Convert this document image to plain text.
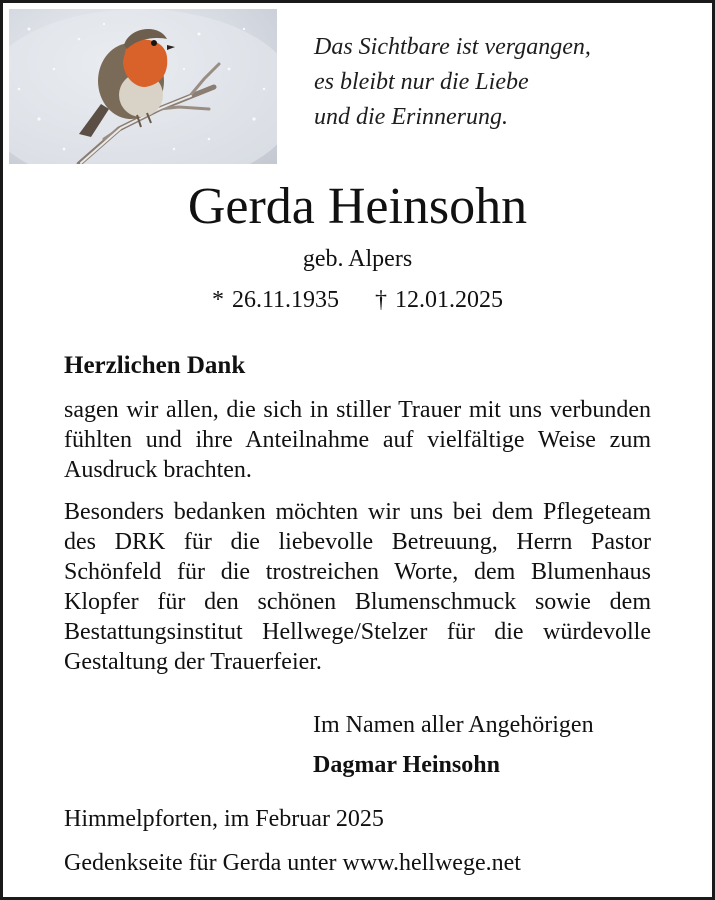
Das Sichtbare ist vergangen,
es bleibt nur die Liebe
und die Erinnerung.
Gerda Heinsohn
geb. Alpers
* 26.11.1935 † 12.01.2025
Herzlichen Dank
sagen wir allen, die sich in stiller Trauer mit uns verbunden fühlten und ihre Anteilnahme auf vielfältige Weise zum Ausdruck brachten.
Besonders bedanken möchten wir uns bei dem Pflegeteam des DRK für die liebevolle Betreuung, Herrn Pastor Schönfeld für die trostreichen Worte, dem Blumenhaus Klopfer für den schönen Blumenschmuck sowie dem Bestattungsinstitut Hellwege/Stelzer für die würdevolle Gestaltung der Trauerfeier.
Im Namen aller Angehörigen
Dagmar Heinsohn
Himmelpforten, im Februar 2025
Gedenkseite für Gerda unter www.hellwege.net
